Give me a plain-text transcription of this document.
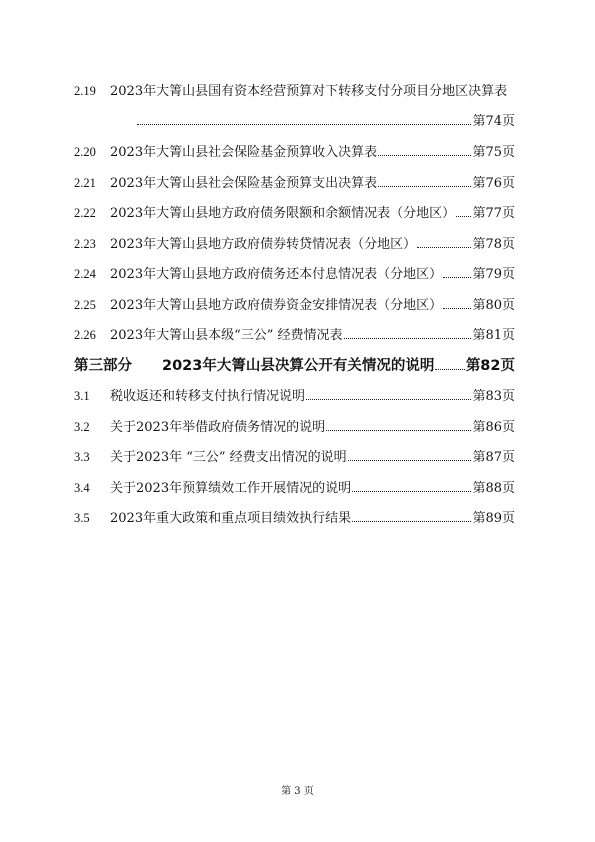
2.19	2023年大箐山县国有资本经营预算对下转移支付分项目分地区决算表
第74页
2.20	2023年大箐山县社会保险基金预算收入决算表	第75页
2.21	2023年大箐山县社会保险基金预算支出决算表	第76页
2.22	2023年大箐山县地方政府债务限额和余额情况表（分地区） 第77页
2.23	2023年大箐山县地方政府债券转贷情况表（分地区）	第78页
2.24	2023年大箐山县地方政府债务还本付息情况表（分地区） 第79页
2.25	2023年大箐山县地方政府债券资金安排情况表（分地区） 第80页
2.26	2023年大箐山县本级“三公” 经费情况表	第81页
第三部分 2023年大箐山县决算公开有关情况的说明 第82页
3.1	税收返还和转移支付执行情况说明	第83页
3.2	关于2023年举借政府债务情况的说明	第86页
3.3	关于2023年 “三公” 经费支出情况的说明	第87页
3.4	关于2023年预算绩效工作开展情况的说明	第88页
3.5	2023年重大政策和重点项目绩效执行结果	第89页
第 3 页
